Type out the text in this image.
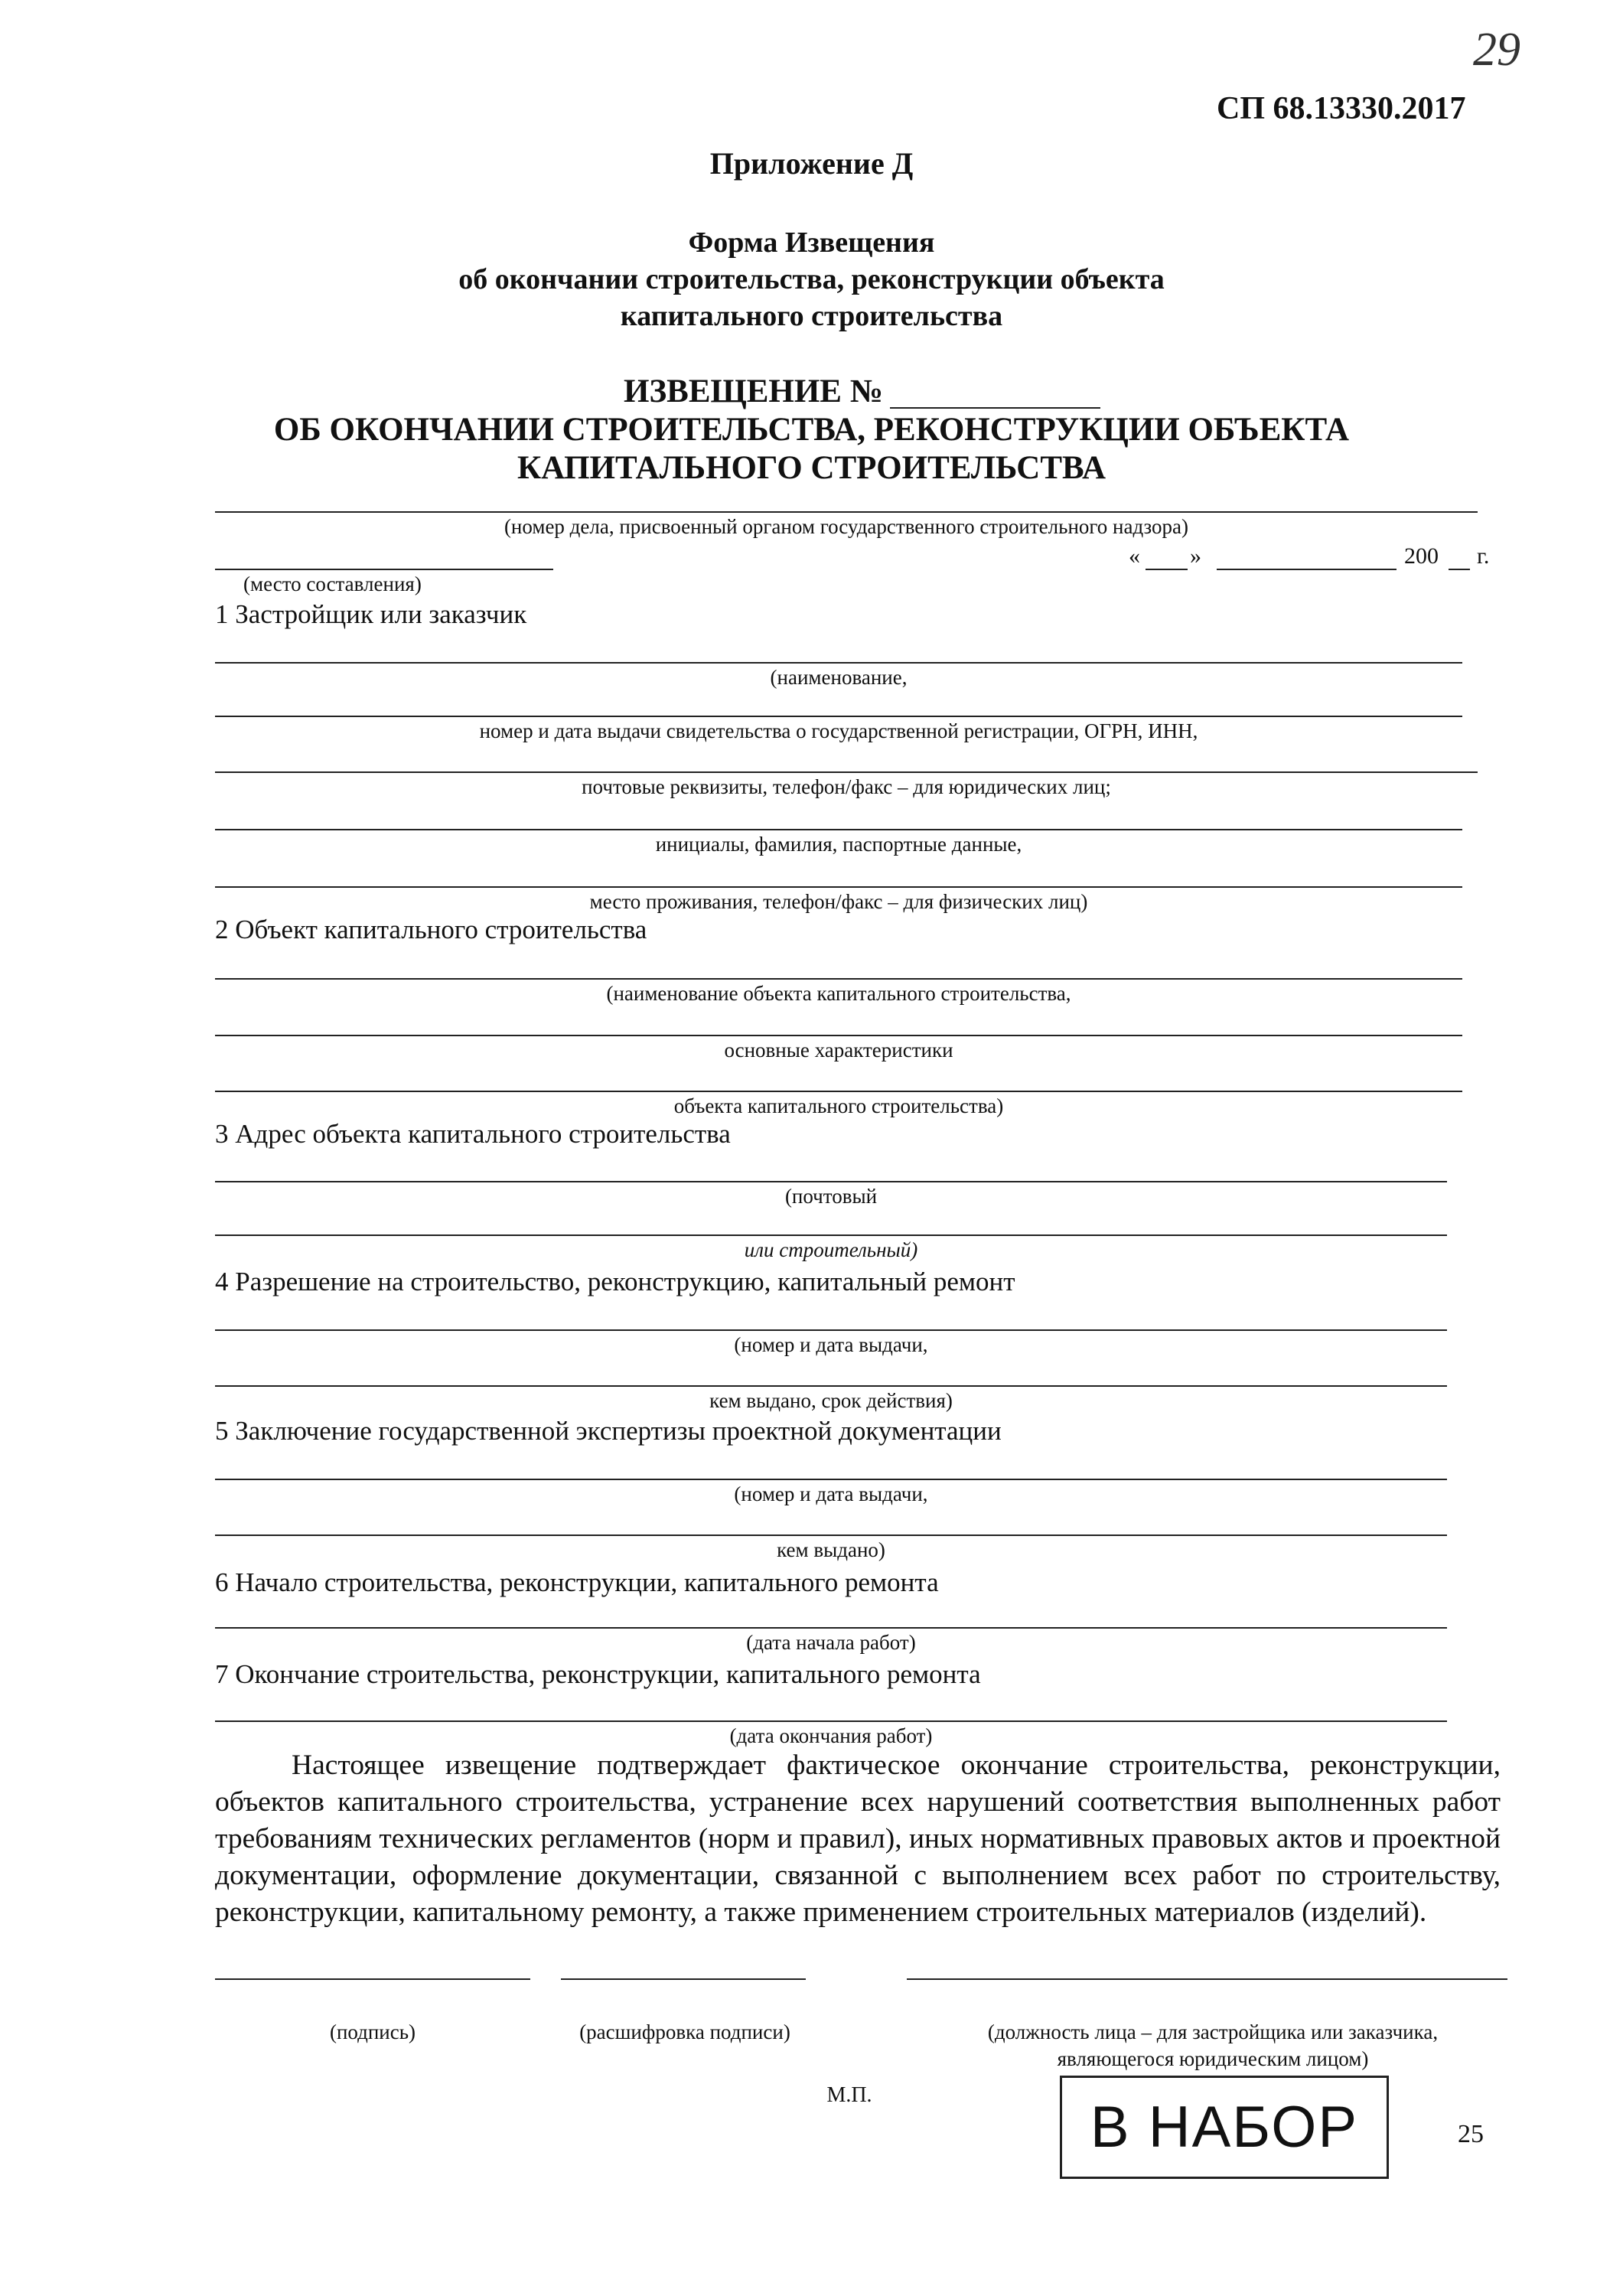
29
СП 68.13330.2017
Приложение Д
Форма Извещения
об окончании строительства, реконструкции объекта
капитального строительства
ИЗВЕЩЕНИЕ №
ОБ ОКОНЧАНИИ СТРОИТЕЛЬСТВА, РЕКОНСТРУКЦИИ ОБЪЕКТА
КАПИТАЛЬНОГО СТРОИТЕЛЬСТВА
(номер дела, присвоенный органом государственного строительного надзора)
« »	200 г.
(место составления)
1 Застройщик или заказчик
(наименование,
номер и дата выдачи свидетельства о государственной регистрации, ОГРН, ИНН,
почтовые реквизиты, телефон/факс – для юридических лиц;
инициалы, фамилия, паспортные данные,
место проживания, телефон/факс – для физических лиц)
2 Объект капитального строительства
(наименование объекта капитального строительства,
основные характеристики
объекта капитального строительства)
3 Адрес объекта капитального строительства
(почтовый
или строительный)
4 Разрешение на строительство, реконструкцию, капитальный ремонт
(номер и дата выдачи,
кем выдано, срок действия)
5 Заключение государственной экспертизы проектной документации
(номер и дата выдачи,
кем выдано)
6 Начало строительства, реконструкции, капитального ремонта
(дата начала работ)
7 Окончание строительства, реконструкции, капитального ремонта
(дата окончания работ)
Настоящее извещение подтверждает фактическое окончание строительства, реконструкции, объектов капитального строительства, устранение всех нарушений соответствия выполненных работ требованиям технических регламентов (норм и правил), иных нормативных правовых актов и проектной документации, оформление документации, связанной с выполнением всех работ по строительству, реконструкции, капитальному ремонту, а также применением строительных материалов (изделий).
(подпись)	(расшифровка подписи)	(должность лица – для застройщика или заказчика,
являющегося юридическим лицом)
М.П.	В НАБОР	25
